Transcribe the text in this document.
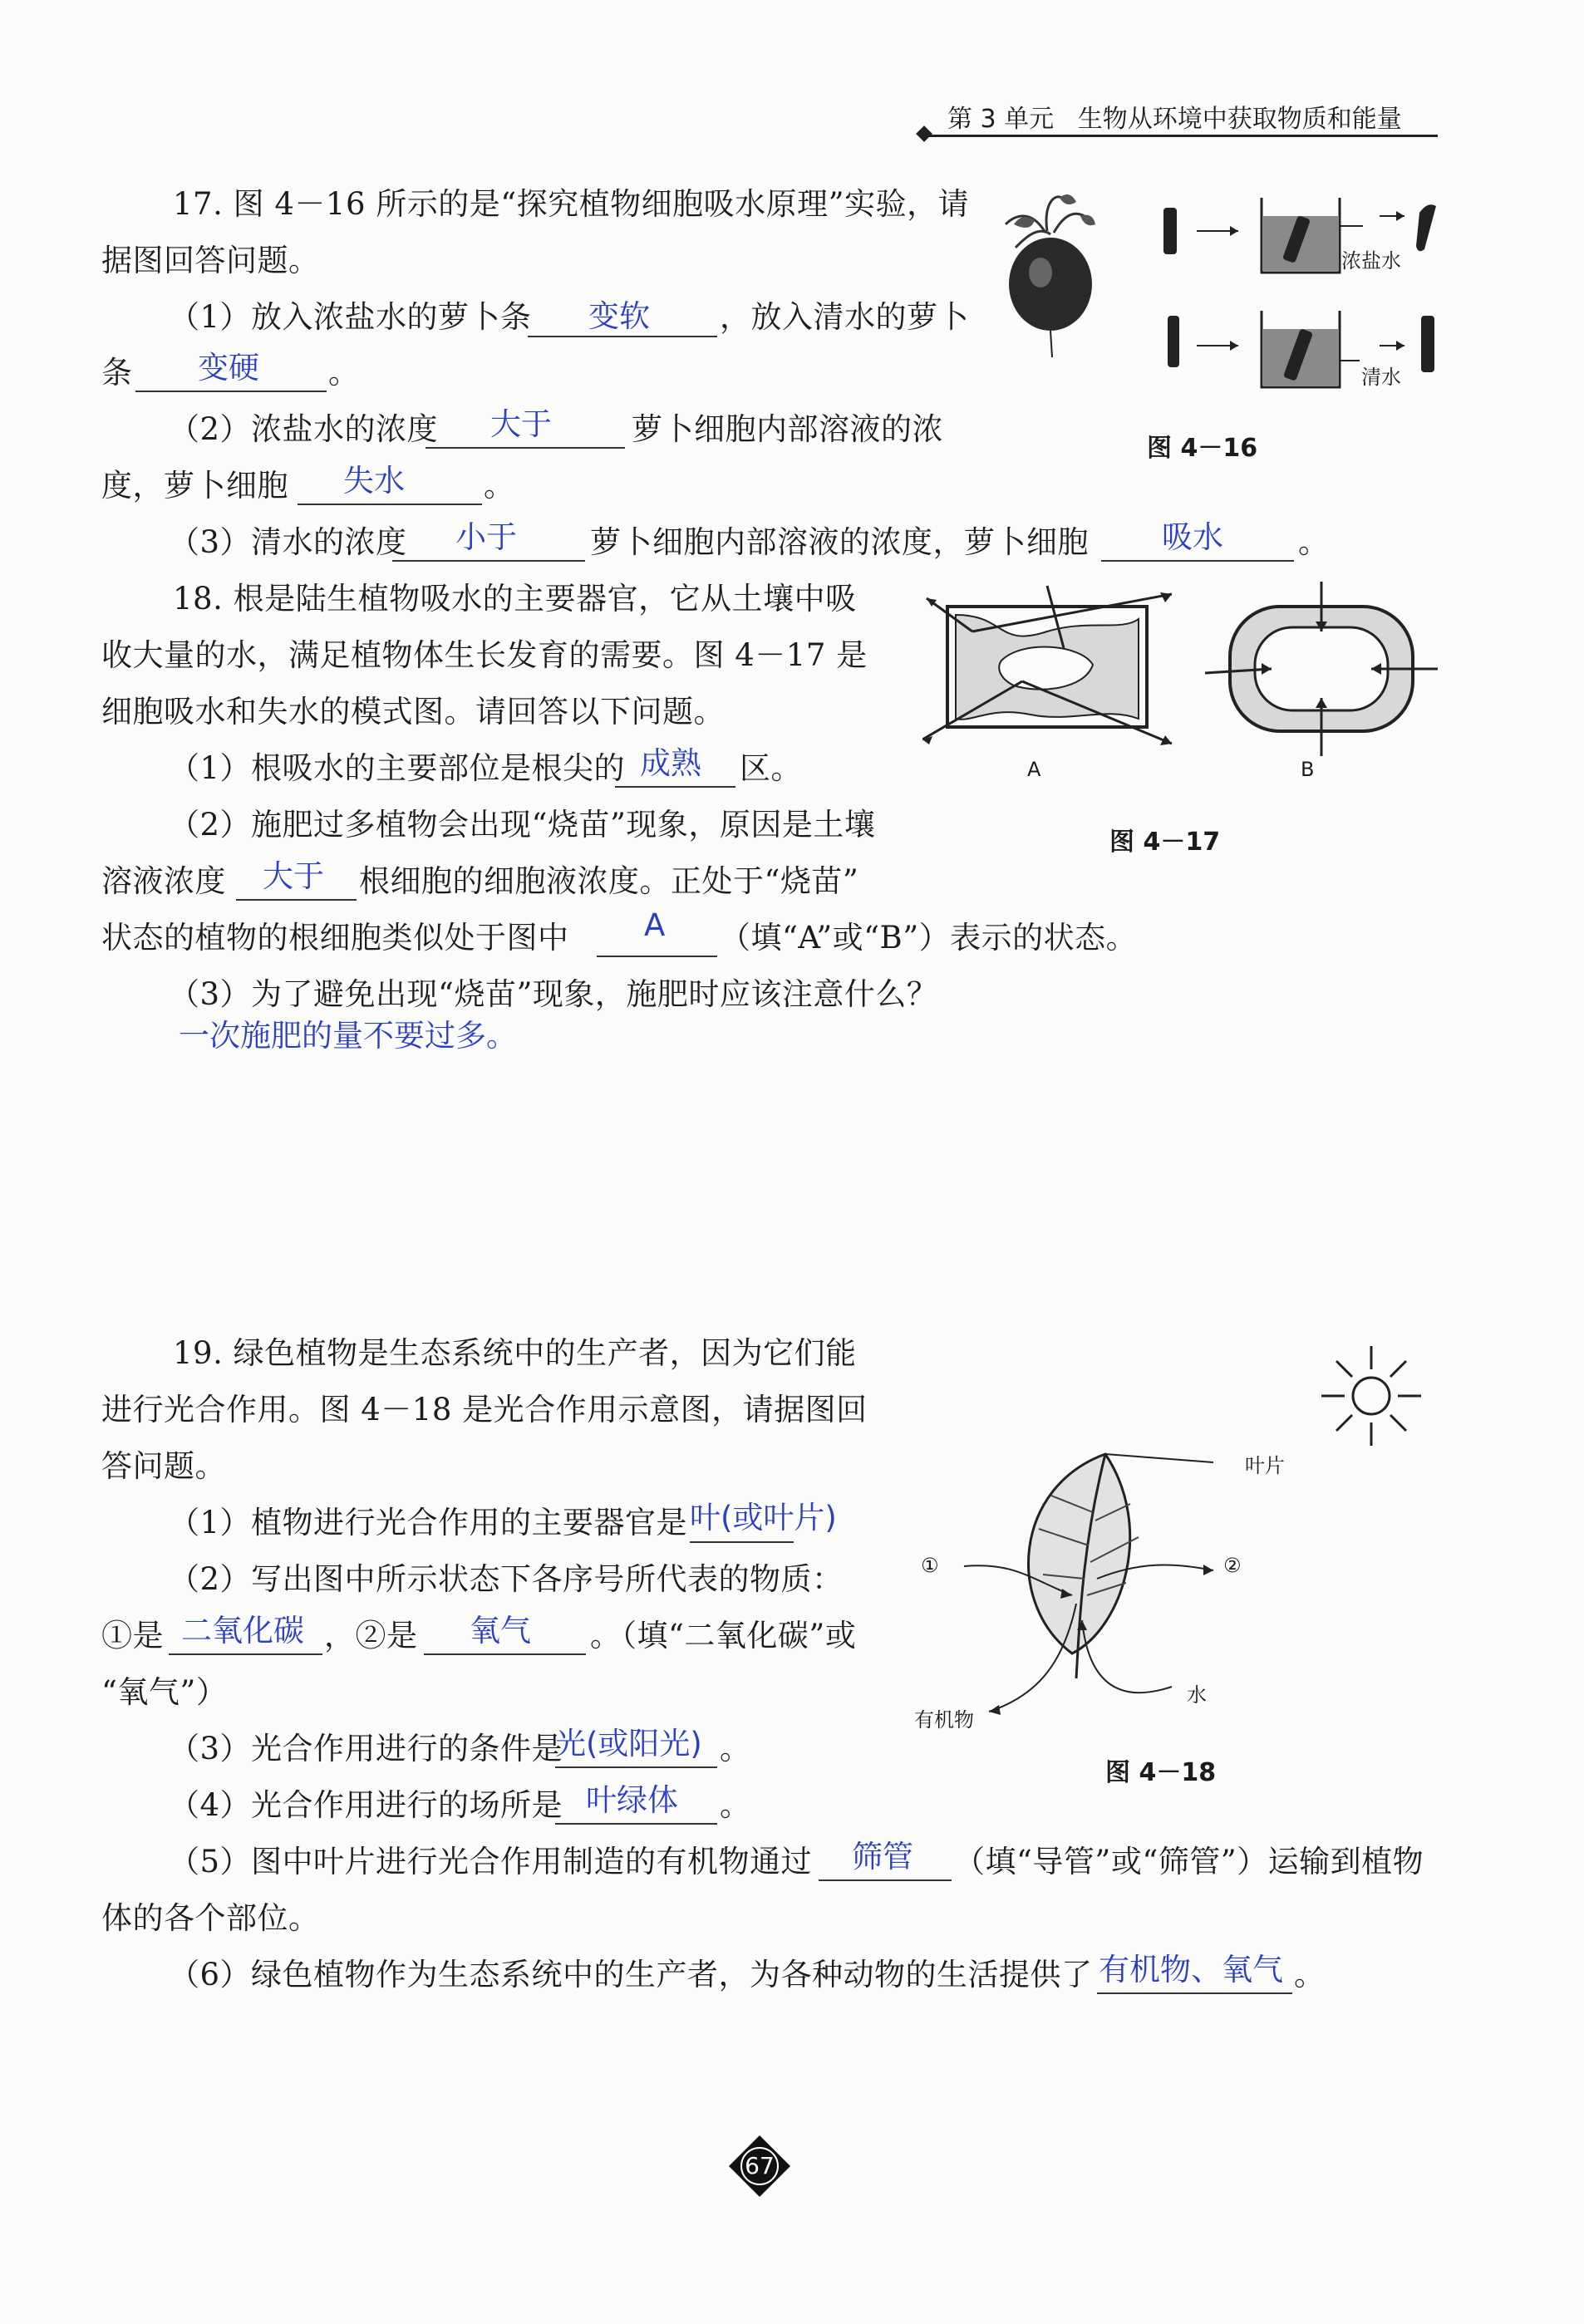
第 3 单元 生物从环境中获取物质和能量
17. 图 4－16 所示的是“探究植物细胞吸水原理”实验，请
据图回答问题。
（1）放入浓盐水的萝卜条 变软 ，放入清水的萝卜
条 变硬 。
（2）浓盐水的浓度 大于	萝卜细胞内部溶液的浓
度，萝卜细胞 失水	。
（3）清水的浓度 小于 萝卜细胞内部溶液的浓度，萝卜细胞 吸水 。
浓盐水
清水
图 4－16
18. 根是陆生植物吸水的主要器官，它从土壤中吸
收大量的水，满足植物体生长发育的需要。图 4－17 是
细胞吸水和失水的模式图。请回答以下问题。
（1）根吸水的主要部位是根尖的 成熟 区。
（2）施肥过多植物会出现“烧苗”现象，原因是土壤
溶液浓度 大于 根细胞的细胞液浓度。正处于“烧苗”
状态的植物的根细胞类似处于图中 A （填“A”或“B”）表示的状态。
（3）为了避免出现“烧苗”现象，施肥时应该注意什么？
一次施肥的量不要过多。
A	B
图 4－17
19. 绿色植物是生态系统中的生产者，因为它们能
进行光合作用。图 4－18 是光合作用示意图，请据图回
答问题。
（1）植物进行光合作用的主要器官是 叶(或叶片)
（2）写出图中所示状态下各序号所代表的物质：
①是 二氧化碳 ，②是 氧气 。（填“二氧化碳”或
“氧气”）
（3）光合作用进行的条件是
光(或阳光) 。
（4）光合作用进行的场所是 叶绿体 。
（5）图中叶片进行光合作用制造的有机物通过 筛管 （填“导管”或“筛管”）运输到植物
体的各个部位。
（6）绿色植物作为生态系统中的生产者，为各种动物的生活提供了 有机物、氧气 。
叶片
①	②
有机物
水
图 4－18
67
